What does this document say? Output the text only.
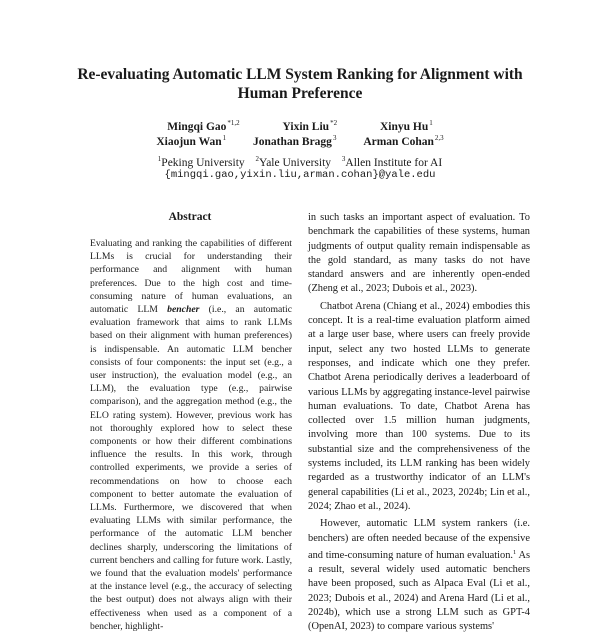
Re-evaluating Automatic LLM System Ranking for Alignment with Human Preference
Mingqi Gao$^{*1,2}$	Yixin Liu$^{*2}$	Xinyu Hu$^1$
Xiaojun Wan$^1$ Jonathan Bragg$^3$ Arman Cohan$^{2,3}$
$^1$Peking University $^2$Yale University $^3$Allen Institute for AI
{mingqi.gao,yixin.liu,arman.cohan}@yale.edu
Abstract

Evaluating and ranking the capabilities of different LLMs is crucial for understanding their performance and alignment with human preferences. Due to the high cost and time-consuming nature of human evaluations, an automatic LLM bencher (i.e., an automatic evaluation framework that aims to rank LLMs based on their alignment with human preferences) is indispensable. An automatic LLM bencher consists of four components: the input set (e.g., a user instruction), the evaluation model (e.g., an LLM), the evaluation type (e.g., pairwise comparison), and the aggregation method (e.g., the ELO rating system). However, previous work has not thoroughly explored how to select these components or how their different combinations influence the results. In this work, through controlled experiments, we provide a series of recommendations on how to choose each component to better automate the evaluation of LLMs. Furthermore, we discovered that when evaluating LLMs with similar performance, the performance of the automatic LLM bencher declines sharply, underscoring the limitations of current benchers and calling for future work. Lastly, we found that the evaluation models' performance at the instance level (e.g., the accuracy of selecting the best output) does not always align with their effectiveness when used as a component of a bencher, highlight-

in such tasks an important aspect of evaluation. To benchmark the capabilities of these systems, human judgments of output quality remain indispensable as the gold standard, as many tasks do not have standard answers and are inherently open-ended (Zheng et al., 2023; Dubois et al., 2023).

Chatbot Arena (Chiang et al., 2024) embodies this concept. It is a real-time evaluation platform aimed at a large user base, where users can freely provide input, select any two hosted LLMs to generate responses, and indicate which one they prefer. Chatbot Arena periodically derives a leaderboard of various LLMs by aggregating instance-level pairwise human evaluations. To date, Chatbot Arena has collected over 1.5 million human judgments, involving more than 100 systems. Due to its substantial size and the comprehensiveness of the systems included, its LLM ranking has been widely regarded as a trustworthy indicator of an LLM's general capabilities (Li et al., 2023, 2024b; Lin et al., 2024; Zhao et al., 2024).

However, automatic LLM system rankers (i.e. benchers) are often needed because of the expensive and time-consuming nature of human evaluation.$^1$ As a result, several widely used automatic benchers have been proposed, such as Alpaca Eval (Li et al., 2023; Dubois et al., 2024) and Arena Hard (Li et al., 2024b), which use a strong LLM such as GPT-4 (OpenAI, 2023) to compare various systems'
